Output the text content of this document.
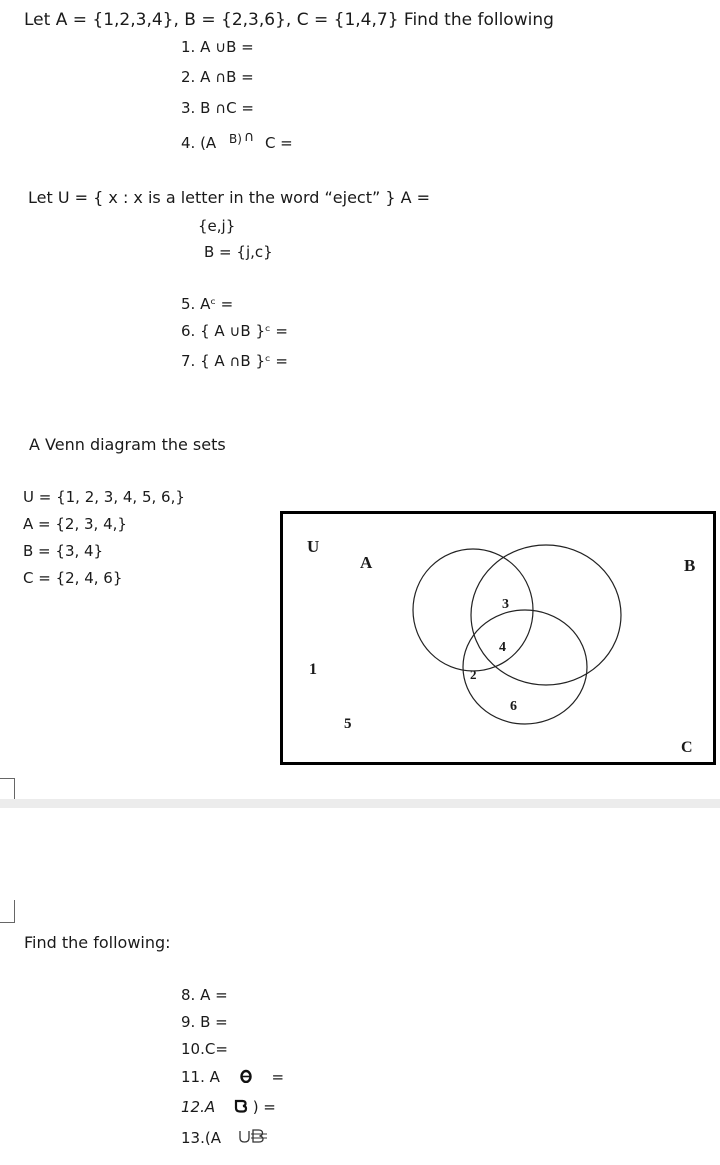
Let A = {1,2,3,4}, B = {2,3,6}, C = {1,4,7} Find the following
1. A ∪B =
2. A ∩B =
3. B ∩C =
4. (A $^{B)}$ ∩ C =
Let U = { x : x is a letter in the word “eject” } A =
{e,j}
B = {j,c}
5. Aᶜ =
6. { A ∪B }ᶜ =
7. { A ∩B }ᶜ =
A Venn diagram the sets
U = {1, 2, 3, 4, 5, 6,}
A = {2, 3, 4,}
B = {3, 4}
C = {2, 4, 6}
U
A	B
C
1	2
3
4
5
6
Find the following:
8. A =
9. B =
10.C=
11. A	=
12.A	) =
13.(A
